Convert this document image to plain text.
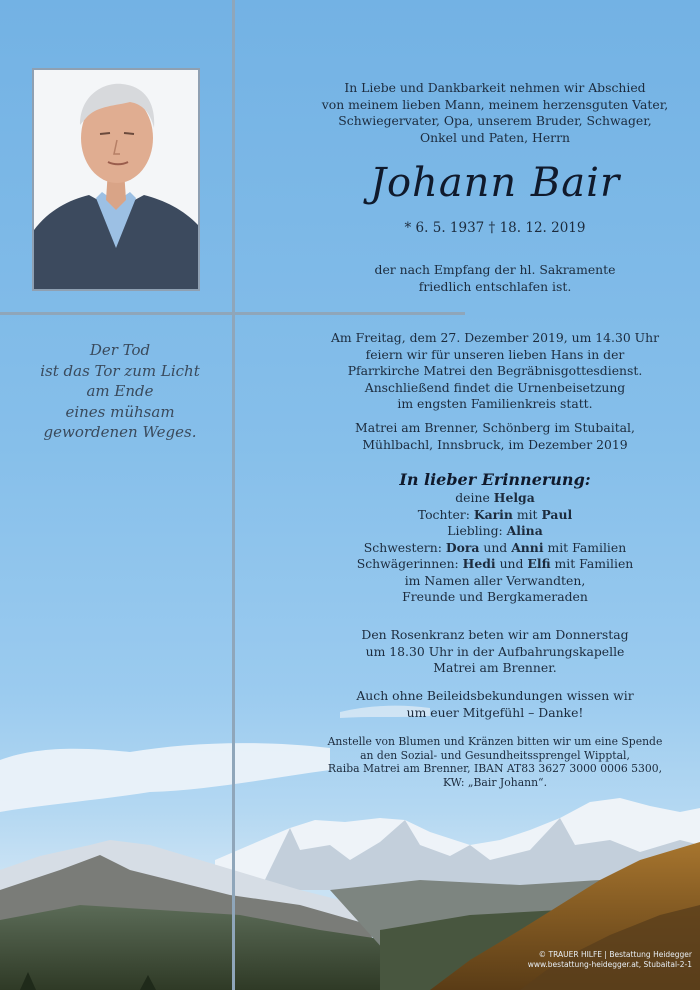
In Liebe und Dankbarkeit nehmen wir Abschied
von meinem lieben Mann, meinem herzensguten Vater,
Schwiegervater, Opa, unserem Bruder, Schwager,
Onkel und Paten, Herrn
Johann Bair
* 6. 5. 1937 † 18. 12. 2019
der nach Empfang der hl. Sakramente
friedlich entschlafen ist.
Der Tod
ist das Tor zum Licht
am Ende
eines mühsam
gewordenen Weges.
Am Freitag, dem 27. Dezember 2019, um 14.30 Uhr
feiern wir für unseren lieben Hans in der
Pfarrkirche Matrei den Begräbnisgottesdienst.
Anschließend findet die Urnenbeisetzung
im engsten Familienkreis statt.
Matrei am Brenner, Schönberg im Stubaital,
Mühlbachl, Innsbruck, im Dezember 2019
In lieber Erinnerung:
deine Helga
Tochter: Karin mit Paul
Liebling: Alina
Schwestern: Dora und Anni mit Familien
Schwägerinnen: Hedi und Elfi mit Familien
im Namen aller Verwandten,
Freunde und Bergkameraden
Den Rosenkranz beten wir am Donnerstag
um 18.30 Uhr in der Aufbahrungskapelle
Matrei am Brenner.
Auch ohne Beileidsbekundungen wissen wir
um euer Mitgefühl – Danke!
Anstelle von Blumen und Kränzen bitten wir um eine Spende
an den Sozial- und Gesundheitssprengel Wipptal,
Raiba Matrei am Brenner, IBAN AT83 3627 3000 0006 5300,
KW: „Bair Johann“.
© TRAUER HILFE | Bestattung Heidegger
www.bestattung-heidegger.at, Stubaital-2-1
